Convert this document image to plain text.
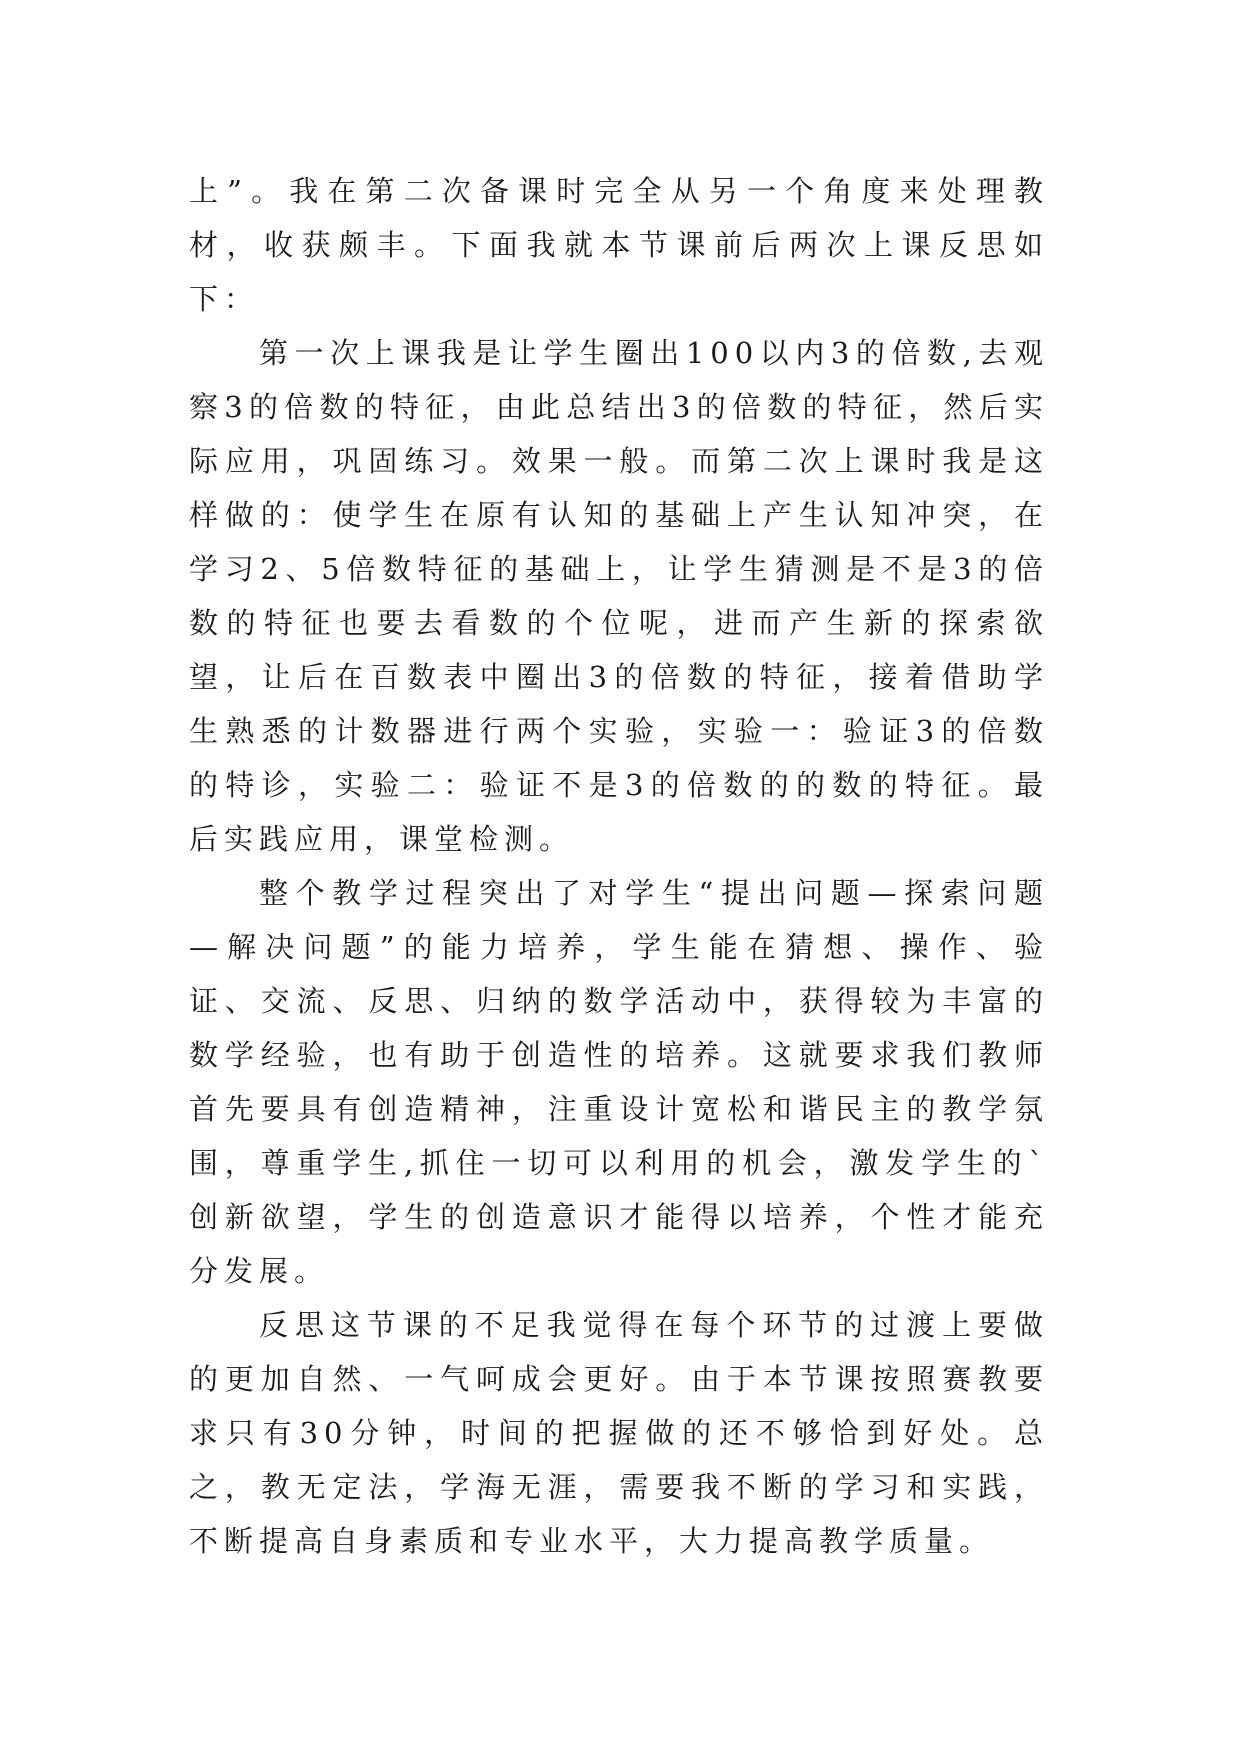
上”。我在第二次备课时完全从另一个角度来处理教材，收获颇丰。下面我就本节课前后两次上课反思如下：

第一次上课我是让学生圈出100以内3的倍数,去观察3的倍数的特征，由此总结出3的倍数的特征，然后实际应用，巩固练习。效果一般。而第二次上课时我是这样做的：使学生在原有认知的基础上产生认知冲突，在学习2、5倍数特征的基础上，让学生猜测是不是3的倍数的特征也要去看数的个位呢，进而产生新的探索欲望，让后在百数表中圈出3的倍数的特征，接着借助学生熟悉的计数器进行两个实验，实验一：验证3的倍数的特诊，实验二：验证不是3的倍数的的数的特征。最后实践应用，课堂检测。

整个教学过程突出了对学生“提出问题—探索问题—解决问题”的能力培养，学生能在猜想、操作、验证、交流、反思、归纳的数学活动中，获得较为丰富的数学经验，也有助于创造性的培养。这就要求我们教师首先要具有创造精神，注重设计宽松和谐民主的教学氛围，尊重学生,抓住一切可以利用的机会，激发学生的`创新欲望，学生的创造意识才能得以培养，个性才能充分发展。

反思这节课的不足我觉得在每个环节的过渡上要做的更加自然、一气呵成会更好。由于本节课按照赛教要求只有30分钟，时间的把握做的还不够恰到好处。总之，教无定法，学海无涯，需要我不断的学习和实践，不断提高自身素质和专业水平，大力提高教学质量。
